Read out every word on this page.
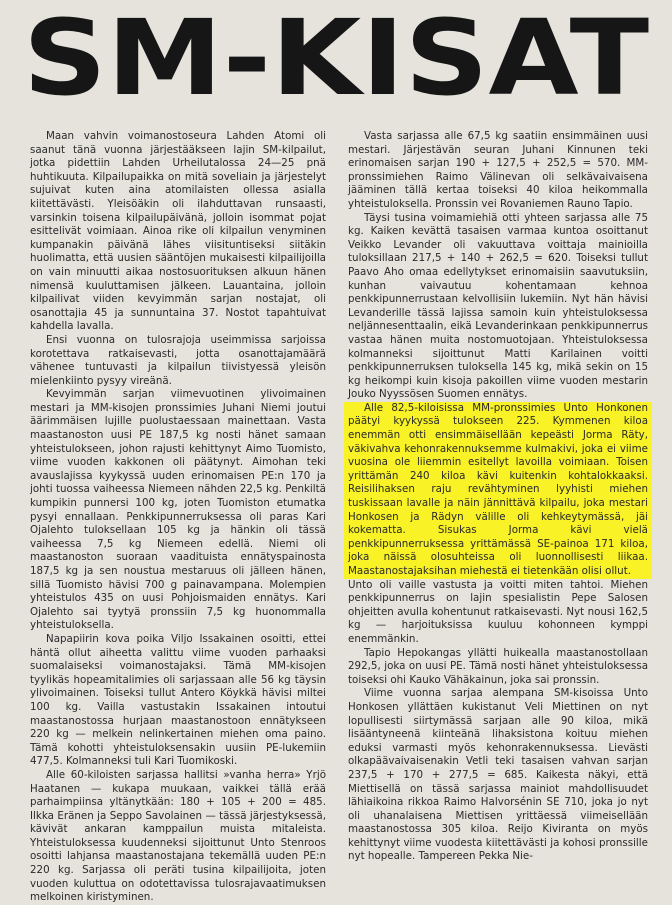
SM-KISAT

Maan vahvin voimanostoseura Lahden Atomi oli saanut tänä vuonna järjestääkseen lajin SM-kilpailut, jotka pidettiin Lahden Urheilutalossa 24—25 pnä huhtikuuta. Kilpailupaikka on mitä soveliain ja järjestelyt sujuivat kuten aina atomilaisten ollessa asialla kiitettävästi. Yleisöäkin oli ilahduttavan runsaasti, varsinkin toisena kilpailupäivänä, jolloin isommat pojat esittelivät voimiaan. Ainoa rike oli kilpailun venyminen kumpanakin päivänä lähes viisituntiseksi siitäkin huolimatta, että uusien sääntöjen mukaisesti kilpailijoilla on vain minuutti aikaa nostosuorituksen alkuun hänen nimensä kuuluttamisen jälkeen. Lauantaina, jolloin kilpailivat viiden kevyimmän sarjan nostajat, oli osanottajia 45 ja sunnuntaina 37. Nostot tapahtuivat kahdella lavalla.

Ensi vuonna on tulosrajoja useimmissa sarjoissa korotettava ratkaisevasti, jotta osanottajamäärä vähenee tuntuvasti ja kilpailun tiivistyessä yleisön mielenkiinto pysyy vireänä.

Kevyimmän sarjan viimevuotinen ylivoimainen mestari ja MM-kisojen pronssimies Juhani Niemi joutui äärimmäisen lujille puolustaessaan mainettaan. Vasta maastanoston uusi PE 187,5 kg nosti hänet samaan yhteistulokseen, johon rajusti kehittynyt Aimo Tuomisto, viime vuoden kakkonen oli päätynyt. Aimohan teki avauslajissa kyykyssä uuden erinomaisen PE:n 170 ja johti tuossa vaiheessa Niemeen nähden 22,5 kg. Penkiltä kumpikin punnersi 100 kg, joten Tuomiston etumatka pysyi ennallaan. Penkkipunnerruksessa oli paras Kari Ojalehto tuloksellaan 105 kg ja hänkin oli tässä vaiheessa 7,5 kg Niemeen edellä. Niemi oli maastanoston suoraan vaadituista ennätyspainosta 187,5 kg ja sen noustua mestaruus oli jälleen hänen, sillä Tuomisto hävisi 700 g painavampana. Molempien yhteistulos 435 on uusi Pohjoismaiden ennätys. Kari Ojalehto sai tyytyä pronssiin 7,5 kg huonommalla yhteistuloksella.

Napapiirin kova poika Viljo Issakainen osoitti, ettei häntä ollut aiheetta valittu viime vuoden parhaaksi suomalaiseksi voimanostajaksi. Tämä MM-kisojen tyylikäs hopeamitalimies oli sarjassaan alle 56 kg täysin ylivoimainen. Toiseksi tullut Antero Köykkä hävisi miltei 100 kg. Vailla vastustakin Issakainen intoutui maastanostossa hurjaan maastanostoon ennätykseen 220 kg — melkein nelinkertainen miehen oma paino. Tämä kohotti yhteistuloksensakin uusiin PE-lukemiin 477,5. Kolmanneksi tuli Kari Tuomikoski.

Alle 60-kiloisten sarjassa hallitsi »vanha herra» Yrjö Haatanen — kukapa muukaan, vaikkei tällä erää parhaimpiinsa yltänytkään: 180 + 105 + 200 = 485. Ilkka Eränen ja Seppo Savolainen — tässä järjestyksessä, kävivät ankaran kamppailun muista mitaleista. Yhteistuloksessa kuudenneksi sijoittunut Unto Stenroos osoitti lahjansa maastanostajana tekemällä uuden PE:n 220 kg. Sarjassa oli peräti tusina kilpailijoita, joten vuoden kuluttua on odotettavissa tulosrajavaatimuksen melkoinen kiristyminen.

Vasta sarjassa alle 67,5 kg saatiin ensimmäinen uusi mestari. Järjestävän seuran Juhani Kinnunen teki erinomaisen sarjan 190 + 127,5 + 252,5 = 570. MM-pronssimiehen Raimo Välinevan oli selkävaivaisena jääminen tällä kertaa toiseksi 40 kiloa heikommalla yhteistuloksella. Pronssin vei Rovaniemen Rauno Tapio.

Täysi tusina voimamiehiä otti yhteen sarjassa alle 75 kg. Kaiken kevättä tasaisen varmaa kuntoa osoittanut Veikko Levander oli vakuuttava voittaja mainioilla tuloksillaan 217,5 + 140 + 262,5 = 620. Toiseksi tullut Paavo Aho omaa edellytykset erinomaisiin saavutuksiin, kunhan vaivautuu kohentamaan kehnoa penkkipunnerrustaan kelvollisiin lukemiin. Nyt hän hävisi Levanderille tässä lajissa samoin kuin yhteistuloksessa neljännesenttaalin, eikä Levanderinkaan penkkipunnerrus vastaa hänen muita nostomuotojaan. Yhteistuloksessa kolmanneksi sijoittunut Matti Karilainen voitti penkkipunnerruksen tuloksella 145 kg, mikä sekin on 15 kg heikompi kuin kisoja pakoillen viime vuoden mestarin Jouko Nyyssösen Suomen ennätys.

Alle 82,5-kiloisissa MM-pronssimies Unto Honkonen päätyi kyykyssä tulokseen 225. Kymmenen kiloa enemmän otti ensimmäisellään kepeästi Jorma Räty, väkivahva kehonrakennuksemme kulmakivi, joka ei viime vuosina ole liiemmin esitellyt lavoilla voimiaan. Toisen yrittämän 240 kiloa kävi kuitenkin kohtalokkaaksi. Reisilihaksen raju revähtyminen lyyhisti miehen tuskissaan lavalle ja näin jännittävä kilpailu, joka mestari Honkosen ja Rädyn välille oli kehkeytymässä, jäi kokematta. Sisukas Jorma kävi vielä penkkipunnerruksessa yrittämässä SE-painoa 171 kiloa, joka näissä olosuhteissa oli luonnollisesti liikaa. Maastanostajaksihan miehestä ei tietenkään olisi ollut.

Unto oli vaille vastusta ja voitti miten tahtoi. Miehen penkkipunnerrus on lajin spesialistin Pepe Salosen ohjeitten avulla kohentunut ratkaisevasti. Nyt nousi 162,5 kg — harjoituksissa kuuluu kohonneen kymppi enemmänkin.

Tapio Hepokangas yllätti huikealla maastanostollaan 292,5, joka on uusi PE. Tämä nosti hänet yhteistuloksessa toiseksi ohi Kauko Vähäkainun, joka sai pronssin.

Viime vuonna sarjaa alempana SM-kisoissa Unto Honkosen yllättäen kukistanut Veli Miettinen on nyt lopullisesti siirtymässä sarjaan alle 90 kiloa, mikä lisääntyneenä kiinteänä lihaksistona koituu miehen eduksi varmasti myös kehonrakennuksessa. Lievästi olkapäävaivaisenakin Vetli teki tasaisen vahvan sarjan 237,5 + 170 + 277,5 = 685. Kaikesta näkyi, että Miettisellä on tässä sarjassa mainiot mahdollisuudet lähiaikoina rikkoa Raimo Halvorsénin SE 710, joka jo nyt oli uhanalaisena Miettisen yrittäessä viimeisellään maastanostossa 305 kiloa. Reijo Kiviranta on myös kehittynyt viime vuodesta kiitettävästi ja kohosi pronssille nyt hopealle. Tampereen Pekka Nie-
